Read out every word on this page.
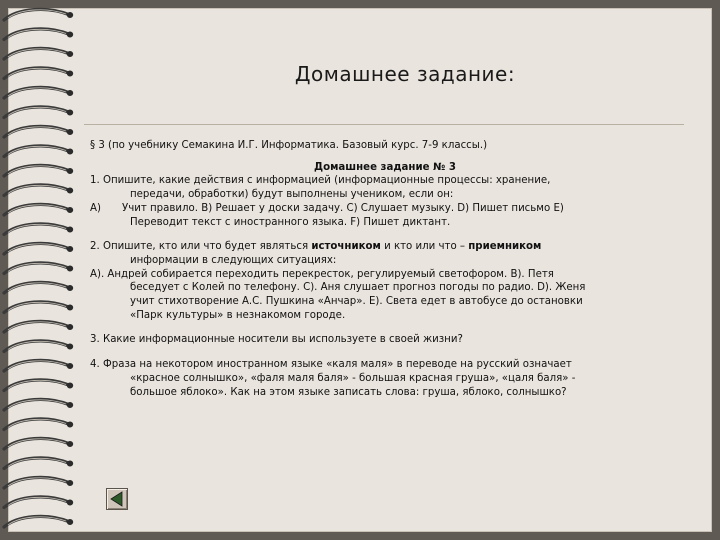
Домашнее задание:

§ 3 (по учебнику Семакина И.Г. Информатика. Базовый курс. 7-9 классы.)

Домашнее задание № 3

1. Опишите, какие действия с информацией (информационные процессы: хранение,

передачи, обработки) будут выполнены учеником, если он:

А) Учит правило. В) Решает у доски задачу. С) Слушает музыку. D) Пишет письмо E)

Переводит текст с иностранного языка. F) Пишет диктант.

2. Опишите, кто или что будет являться источником и кто или что – приемником

информации в следующих ситуациях:

А). Андрей собирается переходить перекресток, регулируемый светофором. В). Петя

беседует с Колей по телефону. С). Аня слушает прогноз погоды по радио. D). Женя

учит стихотворение А.С. Пушкина «Анчар». E). Света едет в автобусе до остановки

«Парк культуры» в незнакомом городе.

3. Какие информационные носители вы используете в своей жизни?

4. Фраза на некотором иностранном языке «каля маля» в переводе на русский означает

«красное солнышко», «фаля маля баля» - большая красная груша», «цаля баля» -

большое яблоко». Как на этом языке записать слова: груша, яблоко, солнышко?
